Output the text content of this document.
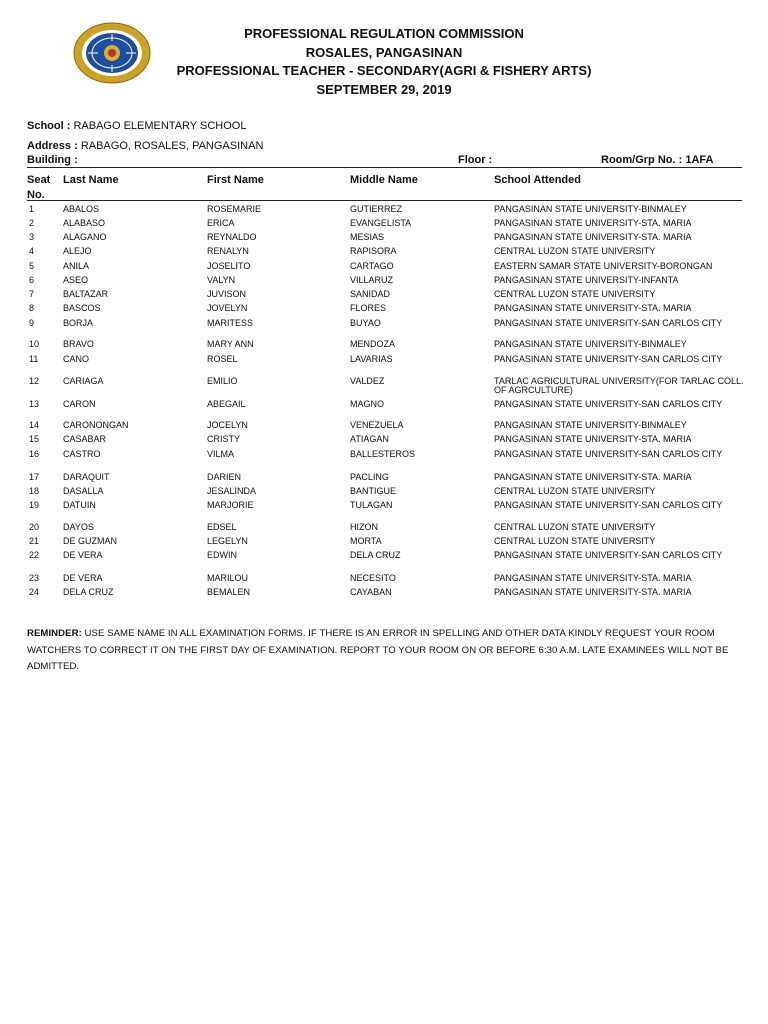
PROFESSIONAL REGULATION COMMISSION
ROSALES, PANGASINAN
PROFESSIONAL TEACHER - SECONDARY(AGRI & FISHERY ARTS)
SEPTEMBER 29, 2019
School : RABAGO ELEMENTARY SCHOOL
Address : RABAGO, ROSALES, PANGASINAN
Building :	Floor :	Room/Grp No. : 1AFA
Seat
No.
Last Name	First Name	Middle Name	School Attended
1	ABALOS	ROSEMARIE	GUTIERREZ	PANGASINAN STATE UNIVERSITY-BINMALEY
2	ALABASO	ERICA	EVANGELISTA	PANGASINAN STATE UNIVERSITY-STA. MARIA
3	ALAGANO	REYNALDO	MESIAS	PANGASINAN STATE UNIVERSITY-STA. MARIA
4	ALEJO	RENALYN	RAPISORA	CENTRAL LUZON STATE UNIVERSITY
5	ANILA	JOSELITO	CARTAGO	EASTERN SAMAR STATE UNIVERSITY-BORONGAN
6	ASEO	VALYN	VILLARUZ	PANGASINAN STATE UNIVERSITY-INFANTA
7	BALTAZAR	JUVISON	SANIDAD	CENTRAL LUZON STATE UNIVERSITY
8	BASCOS	JOVELYN	FLORES	PANGASINAN STATE UNIVERSITY-STA. MARIA
9	BORJA	MARITESS	BUYAO	PANGASINAN STATE UNIVERSITY-SAN CARLOS CITY
10	BRAVO	MARY ANN	MENDOZA	PANGASINAN STATE UNIVERSITY-BINMALEY
11	CANO	ROSEL	LAVARIAS	PANGASINAN STATE UNIVERSITY-SAN CARLOS CITY
12	CARIAGA	EMILIO	VALDEZ	TARLAC AGRICULTURAL UNIVERSITY(FOR TARLAC COLL. OF AGRCULTURE)
13	CARON	ABEGAIL	MAGNO	PANGASINAN STATE UNIVERSITY-SAN CARLOS CITY
14	CARONONGAN	JOCELYN	VENEZUELA	PANGASINAN STATE UNIVERSITY-BINMALEY
15	CASABAR	CRISTY	ATIAGAN	PANGASINAN STATE UNIVERSITY-STA. MARIA
16	CASTRO	VILMA	BALLESTEROS	PANGASINAN STATE UNIVERSITY-SAN CARLOS CITY
17	DARAQUIT	DARIEN	PACLING	PANGASINAN STATE UNIVERSITY-STA. MARIA
18	DASALLA	JESALINDA	BANTIGUE	CENTRAL LUZON STATE UNIVERSITY
19	DATUIN	MARJORIE	TULAGAN	PANGASINAN STATE UNIVERSITY-SAN CARLOS CITY
20	DAYOS	EDSEL	HIZON	CENTRAL LUZON STATE UNIVERSITY
21	DE GUZMAN	LEGELYN	MORTA	CENTRAL LUZON STATE UNIVERSITY
22	DE VERA	EDWIN	DELA CRUZ	PANGASINAN STATE UNIVERSITY-SAN CARLOS CITY
23	DE VERA	MARILOU	NECESITO	PANGASINAN STATE UNIVERSITY-STA. MARIA
24	DELA CRUZ	BEMALEN	CAYABAN	PANGASINAN STATE UNIVERSITY-STA. MARIA
REMINDER: USE SAME NAME IN ALL EXAMINATION FORMS. IF THERE IS AN ERROR IN SPELLING AND OTHER DATA KINDLY REQUEST YOUR ROOM WATCHERS TO CORRECT IT ON THE FIRST DAY OF EXAMINATION. REPORT TO YOUR ROOM ON OR BEFORE 6:30 A.M. LATE EXAMINEES WILL NOT BE ADMITTED.
